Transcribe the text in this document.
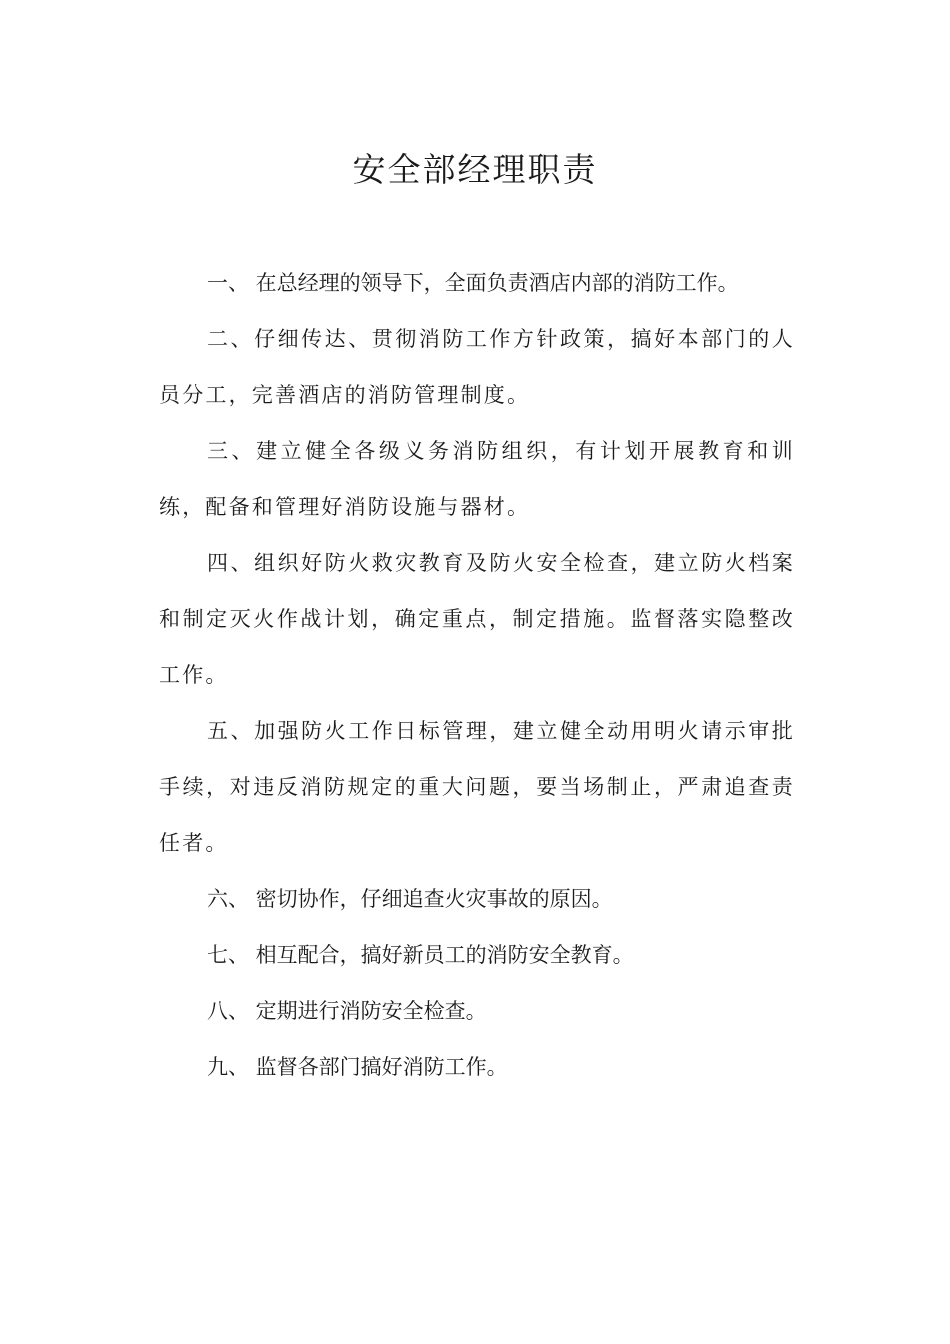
安全部经理职责

一、 在总经理的领导下，全面负责酒店内部的消防工作。

二、仔细传达、贯彻消防工作方针政策，搞好本部门的人员分工，完善酒店的消防管理制度。

三、建立健全各级义务消防组织，有计划开展教育和训练，配备和管理好消防设施与器材。

四、组织好防火救灾教育及防火安全检查，建立防火档案和制定灭火作战计划，确定重点，制定措施。监督落实隐整改工作。

五、加强防火工作日标管理，建立健全动用明火请示审批手续，对违反消防规定的重大问题，要当场制止，严肃追查责任者。

六、 密切协作，仔细追查火灾事故的原因。

七、 相互配合，搞好新员工的消防安全教育。

八、 定期进行消防安全检查。

九、 监督各部门搞好消防工作。
